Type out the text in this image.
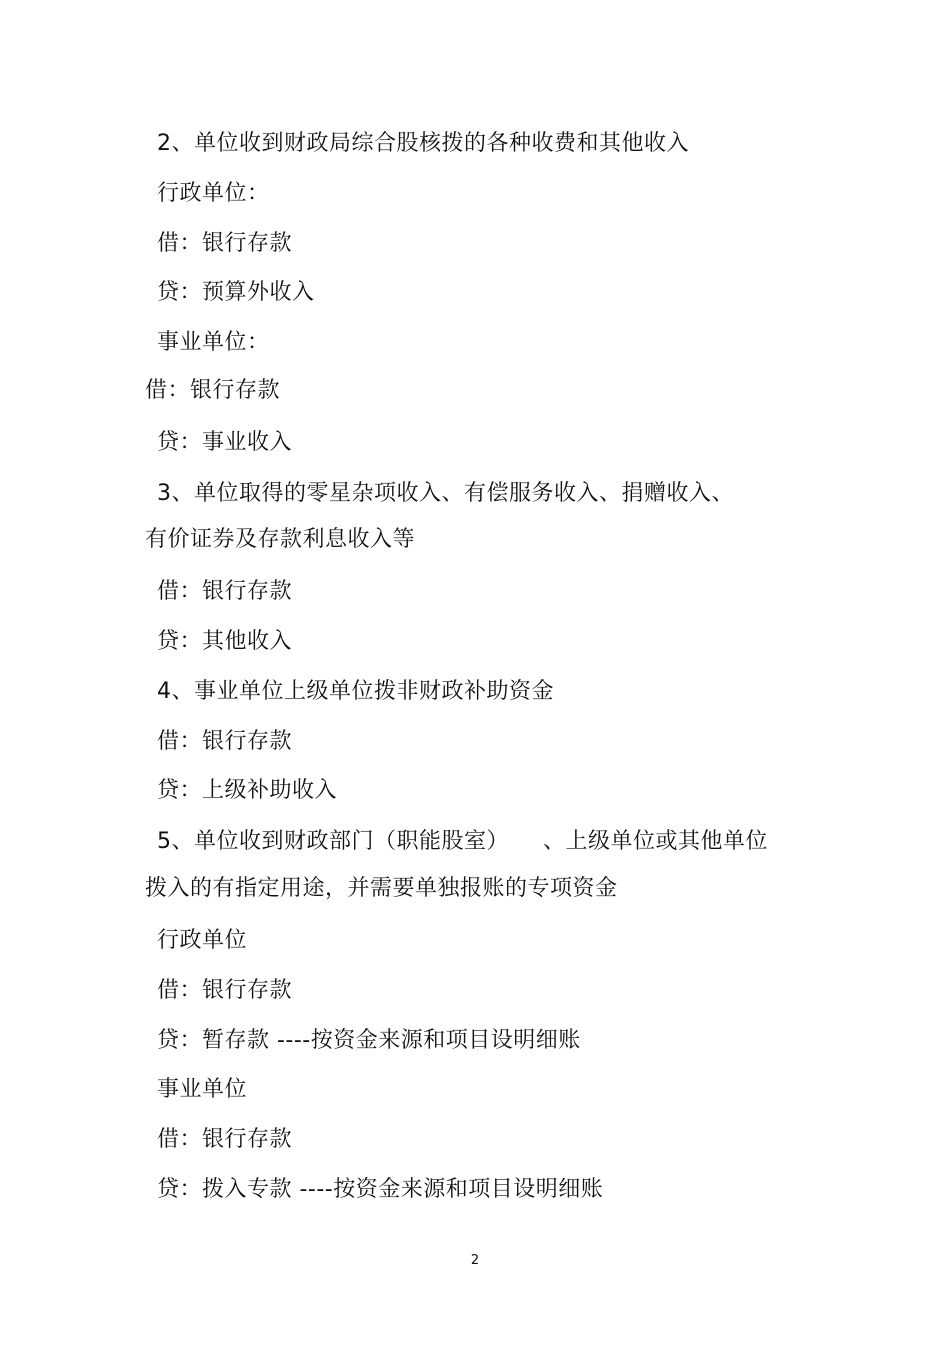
2、单位收到财政局综合股核拨的各种收费和其他收入
行政单位：
借：银行存款
贷：预算外收入
事业单位：
借：银行存款
贷：事业收入
3、单位取得的零星杂项收入、有偿服务收入、捐赠收入、
有价证券及存款利息收入等
借：银行存款
贷：其他收入
4、事业单位上级单位拨非财政补助资金
借：银行存款
贷：上级补助收入
5、单位收到财政部门（职能股室）　　、上级单位或其他单位
拨入的有指定用途，并需要单独报账的专项资金
行政单位
借：银行存款
贷：暂存款 ----按资金来源和项目设明细账
事业单位
借：银行存款
贷：拨入专款 ----按资金来源和项目设明细账
2
